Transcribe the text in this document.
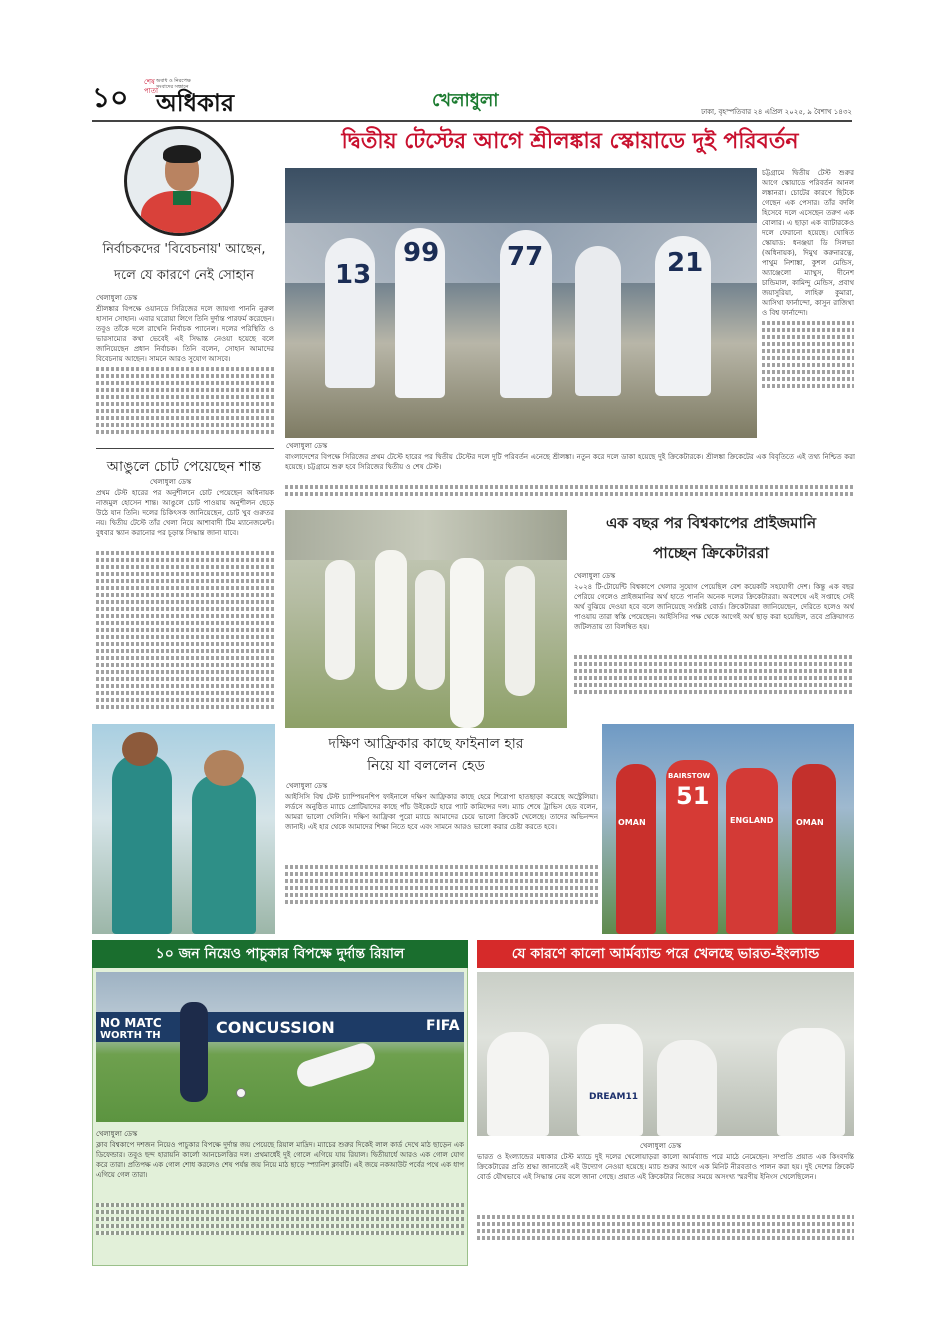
১০ শেষ পাতা
অবাধ ও নিরপেক্ষ সংবাদের সন্ধানে
অধিকার	খেলাধুলা
ঢাকা, বৃহস্পতিবার ২৪ এপ্রিল ২০২৫, ৯ বৈশাখ ১৪৩২
নির্বাচকদের 'বিবেচনায়' আছেন,
দলে যে কারণে নেই সোহান
খেলাধুলা ডেস্ক
শ্রীলঙ্কার বিপক্ষে ওয়ানডে সিরিজের দলে জায়গা পাননি নুরুল হাসান সোহান। এবার ঘরোয়া লিগে তিনি দুর্দান্ত পারফর্ম করেছেন। তবুও তাঁকে দলে রাখেনি নির্বাচক প্যানেল। দলের পরিস্থিতি ও ভারসাম্যের কথা ভেবেই এই সিদ্ধান্ত নেওয়া হয়েছে বলে জানিয়েছেন প্রধান নির্বাচক। তিনি বলেন, সোহান আমাদের বিবেচনায় আছেন। সামনে আরও সুযোগ আসবে।
আঙুলে চোট পেয়েছেন শান্ত
খেলাধুলা ডেস্ক
প্রথম টেস্ট হারের পর অনুশীলনে চোট পেয়েছেন অধিনায়ক নাজমুল হোসেন শান্ত। আঙুলে চোট পাওয়ায় অনুশীলন ছেড়ে উঠে যান তিনি। দলের চিকিৎসক জানিয়েছেন, চোট খুব গুরুতর নয়। দ্বিতীয় টেস্টে তাঁর খেলা নিয়ে আশাবাদী টিম ম্যানেজমেন্ট। বুধবার স্ক্যান করানোর পর চূড়ান্ত সিদ্ধান্ত জানা যাবে।
দ্বিতীয় টেস্টের আগে শ্রীলঙ্কার স্কোয়াডে দুই পরিবর্তন
13
99	77	21
খেলাধুলা ডেস্ক
বাংলাদেশের বিপক্ষে সিরিজের প্রথম টেস্টে হারের পর দ্বিতীয় টেস্টের দলে দুটি পরিবর্তন এনেছে শ্রীলঙ্কা। নতুন করে দলে ডাকা হয়েছে দুই ক্রিকেটারকে। শ্রীলঙ্কা ক্রিকেটের এক বিবৃতিতে এই তথ্য নিশ্চিত করা হয়েছে। চট্টগ্রামে শুরু হবে সিরিজের দ্বিতীয় ও শেষ টেস্ট।
চট্টগ্রামে দ্বিতীয় টেস্ট শুরুর আগে স্কোয়াডে পরিবর্তন আনল লঙ্কানরা। চোটের কারণে ছিটকে গেছেন এক পেসার। তাঁর বদলি হিসেবে দলে এসেছেন তরুণ এক বোলার। এ ছাড়া এক ব্যাটারকেও দলে ফেরানো হয়েছে। ঘোষিত স্কোয়াড: ধনঞ্জয়া ডি সিলভা (অধিনায়ক), দিমুথ করুনারত্নে, পাথুম নিশাঙ্কা, কুশল মেন্ডিস, অ্যাঞ্জেলো ম্যাথুস, দীনেশ চান্ডিমাল, কামিন্দু মেন্ডিস, প্রবাথ জয়াসুরিয়া, লাহিরু কুমারা, আসিথা ফার্নান্দো, কাসুন রাজিথা ও বিশ্ব ফার্নান্দো।
এক বছর পর বিশ্বকাপের প্রাইজমানি
পাচ্ছেন ক্রিকেটাররা
খেলাধুলা ডেস্ক
২০২৪ টি-টোয়েন্টি বিশ্বকাপে খেলার সুযোগ পেয়েছিল বেশ কয়েকটি সহযোগী দেশ। কিন্তু এক বছর পেরিয়ে গেলেও প্রাইজমানির অর্থ হাতে পাননি অনেক দলের ক্রিকেটাররা। অবশেষে এই সপ্তাহে সেই অর্থ বুঝিয়ে দেওয়া হবে বলে জানিয়েছে সংশ্লিষ্ট বোর্ড। ক্রিকেটাররা জানিয়েছেন, দেরিতে হলেও অর্থ পাওয়ায় তারা স্বস্তি পেয়েছেন। আইসিসির পক্ষ থেকে আগেই অর্থ ছাড় করা হয়েছিল, তবে প্রক্রিয়াগত জটিলতায় তা বিলম্বিত হয়।
দক্ষিণ আফ্রিকার কাছে ফাইনাল হার
নিয়ে যা বললেন হেড
খেলাধুলা ডেস্ক
আইসিসি বিশ্ব টেস্ট চ্যাম্পিয়নশিপ ফাইনালে দক্ষিণ আফ্রিকার কাছে হেরে শিরোপা হাতছাড়া করেছে অস্ট্রেলিয়া। লর্ডসে অনুষ্ঠিত ম্যাচে প্রোটিয়াদের কাছে পাঁচ উইকেটে হারে প্যাট কামিন্সের দল। ম্যাচ শেষে ট্রাভিস হেড বলেন, আমরা ভালো খেলিনি। দক্ষিণ আফ্রিকা পুরো ম্যাচে আমাদের চেয়ে ভালো ক্রিকেট খেলেছে। তাদের অভিনন্দন জানাই। এই হার থেকে আমাদের শিক্ষা নিতে হবে এবং সামনে আরও ভালো করার চেষ্টা করতে হবে।	OMAN
BAIRSTOW
51
ENGLAND	OMAN
১০ জন নিয়েও পাচুকার বিপক্ষে দুর্দান্ত রিয়াল
NO MATC
WORTH TH	CONCUSSION	FIFA
খেলাধুলা ডেস্ক
ক্লাব বিশ্বকাপে দশজন নিয়েও পাচুকার বিপক্ষে দুর্দান্ত জয় পেয়েছে রিয়াল মাদ্রিদ। ম্যাচের শুরুর দিকেই লাল কার্ড দেখে মাঠ ছাড়েন এক ডিফেন্ডার। তবুও ছন্দ হারায়নি কার্লো আনচেলত্তির দল। প্রথমার্ধেই দুই গোলে এগিয়ে যায় রিয়াল। দ্বিতীয়ার্ধে আরও এক গোল যোগ করে তারা। প্রতিপক্ষ এক গোল শোধ করলেও শেষ পর্যন্ত জয় নিয়ে মাঠ ছাড়ে স্প্যানিশ ক্লাবটি। এই জয়ে নকআউট পর্বের পথে এক ধাপ এগিয়ে গেল তারা।
যে কারণে কালো আর্মব্যান্ড পরে খেলছে ভারত-ইংল্যান্ড
DREAM11
খেলাধুলা ডেস্ক
ভারত ও ইংল্যান্ডের মধ্যকার টেস্ট ম্যাচে দুই দলের খেলোয়াড়রা কালো আর্মব্যান্ড পরে মাঠে নেমেছেন। সম্প্রতি প্রয়াত এক কিংবদন্তি ক্রিকেটারের প্রতি শ্রদ্ধা জানাতেই এই উদ্যোগ নেওয়া হয়েছে। ম্যাচ শুরুর আগে এক মিনিট নীরবতাও পালন করা হয়। দুই দেশের ক্রিকেট বোর্ড যৌথভাবে এই সিদ্ধান্ত নেয় বলে জানা গেছে। প্রয়াত এই ক্রিকেটার নিজের সময়ে অসংখ্য স্মরণীয় ইনিংস খেলেছিলেন।
